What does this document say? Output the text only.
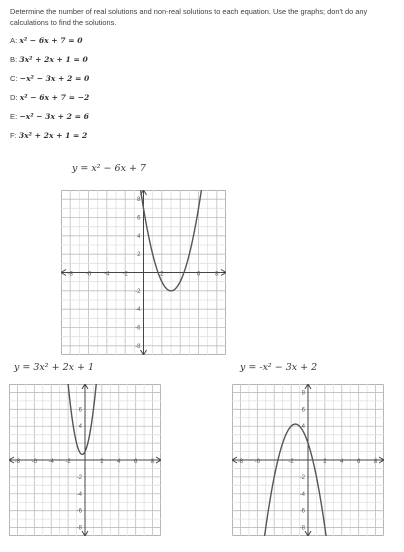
Determine the number of real solutions and non-real solutions to each equation. Use the graphs; don't do any calculations to find the solutions.
A: x² − 6x + 7 = 0
B: 3x² + 2x + 1 = 0
C: −x² − 3x + 2 = 0
D: x² − 6x + 7 = −2
E: −x² − 3x + 2 = 6
F: 3x² + 2x + 1 = 2
y = x² − 6x + 7
-8 -6 -4 -2	2	6 8
8
6
4
2
-2
-4
-6
-8
y = 3x² + 2x + 1
-8 -6 -4 -2	2 4 6 8
6
4
-2
-4
-6
-8
y = -x² − 3x + 2
-8 -6	-2	2 4 6 8
8
6
4
-2
-4
-6
-8
